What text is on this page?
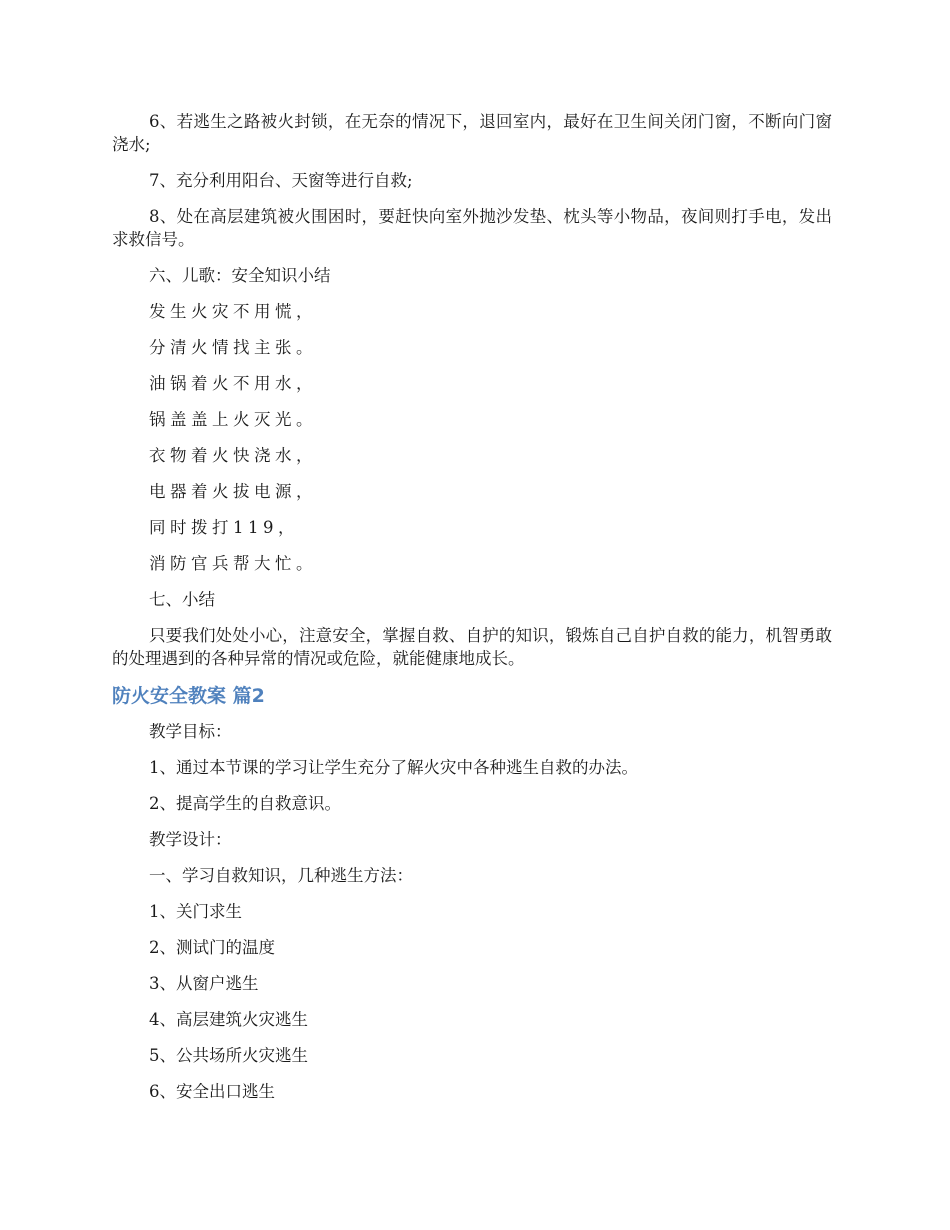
6、若逃生之路被火封锁，在无奈的情况下，退回室内，最好在卫生间关闭门窗，不断向门窗浇水;

7、充分利用阳台、天窗等进行自救;

8、处在高层建筑被火围困时，要赶快向室外抛沙发垫、枕头等小物品，夜间则打手电，发出求救信号。

六、儿歌：安全知识小结

发生火灾不用慌，

分清火情找主张。

油锅着火不用水，

锅盖盖上火灭光。

衣物着火快浇水，

电器着火拔电源，

同时拨打119，

消防官兵帮大忙。

七、小结

只要我们处处小心，注意安全，掌握自救、自护的知识，锻炼自己自护自救的能力，机智勇敢的处理遇到的各种异常的情况或危险，就能健康地成长。

防火安全教案 篇2

教学目标：

1、通过本节课的学习让学生充分了解火灾中各种逃生自救的办法。

2、提高学生的自救意识。

教学设计：

一、学习自救知识，几种逃生方法：

1、关门求生

2、测试门的温度

3、从窗户逃生

4、高层建筑火灾逃生

5、公共场所火灾逃生

6、安全出口逃生
